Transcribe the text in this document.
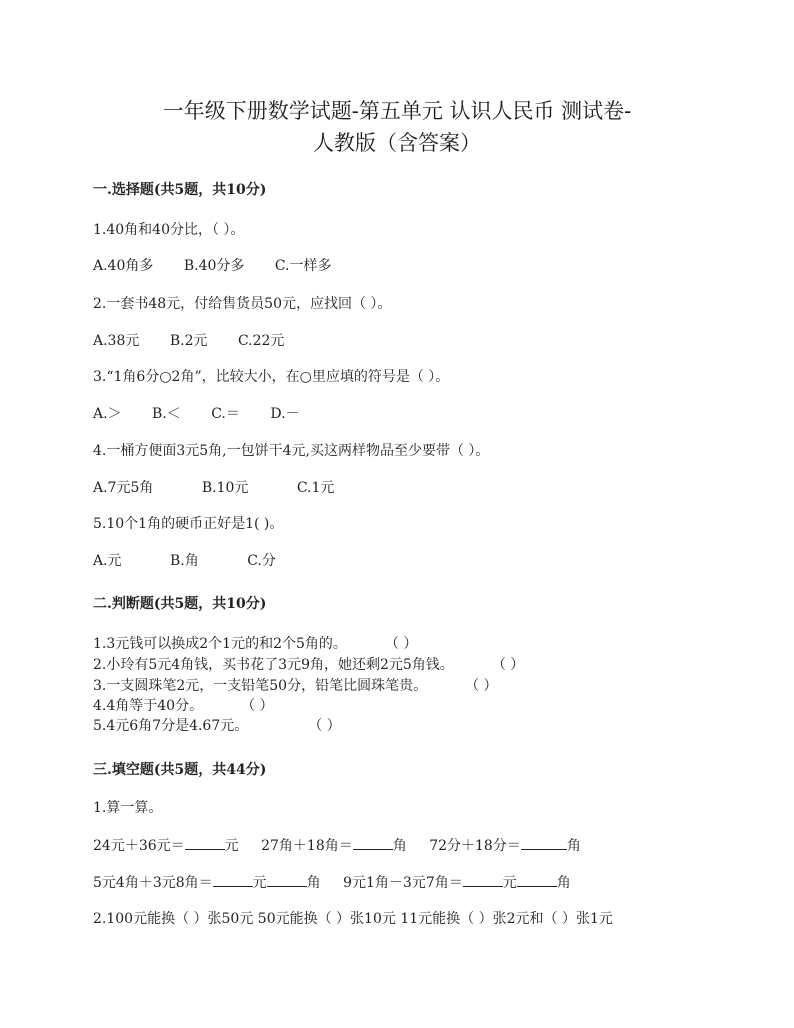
一年级下册数学试题-第五单元 认识人民币 测试卷-
人教版（含答案）
一.选择题(共5题，共10分)
1.40角和40分比，（ ）。
A.40角多 B.40分多 C.一样多
2.一套书48元，付给售货员50元，应找回（ ）。
A.38元 B.2元 C.22元
3.“1角6分○2角”，比较大小，在○里应填的符号是（ ）。
A.＞ B.＜ C.＝ D.－
4.一桶方便面3元5角,一包饼干4元,买这两样物品至少要带（ ）。
A.7元5角	B.10元	C.1元
5.10个1角的硬币正好是1( )。
A.元	B.角	C.分
二.判断题(共5题，共10分)
1.3元钱可以换成2个1元的和2个5角的。	（ ）
2.小玲有5元4角钱，买书花了3元9角，她还剩2元5角钱。	（ ）
3.一支圆珠笔2元，一支铅笔50分，铅笔比圆珠笔贵。	（ ）
4.4角等于40分。	（ ）
5.4元6角7分是4.67元。	（ ）
三.填空题(共5题，共44分)
1.算一算。
24元＋36元＝	元 27角＋18角＝	角 72分＋18分＝	角
5元4角＋3元8角＝	元	角 9元1角－3元7角＝	元	角
2.100元能换（ ）张50元 50元能换（ ）张10元 11元能换（ ）张2元和（ ）张1元
